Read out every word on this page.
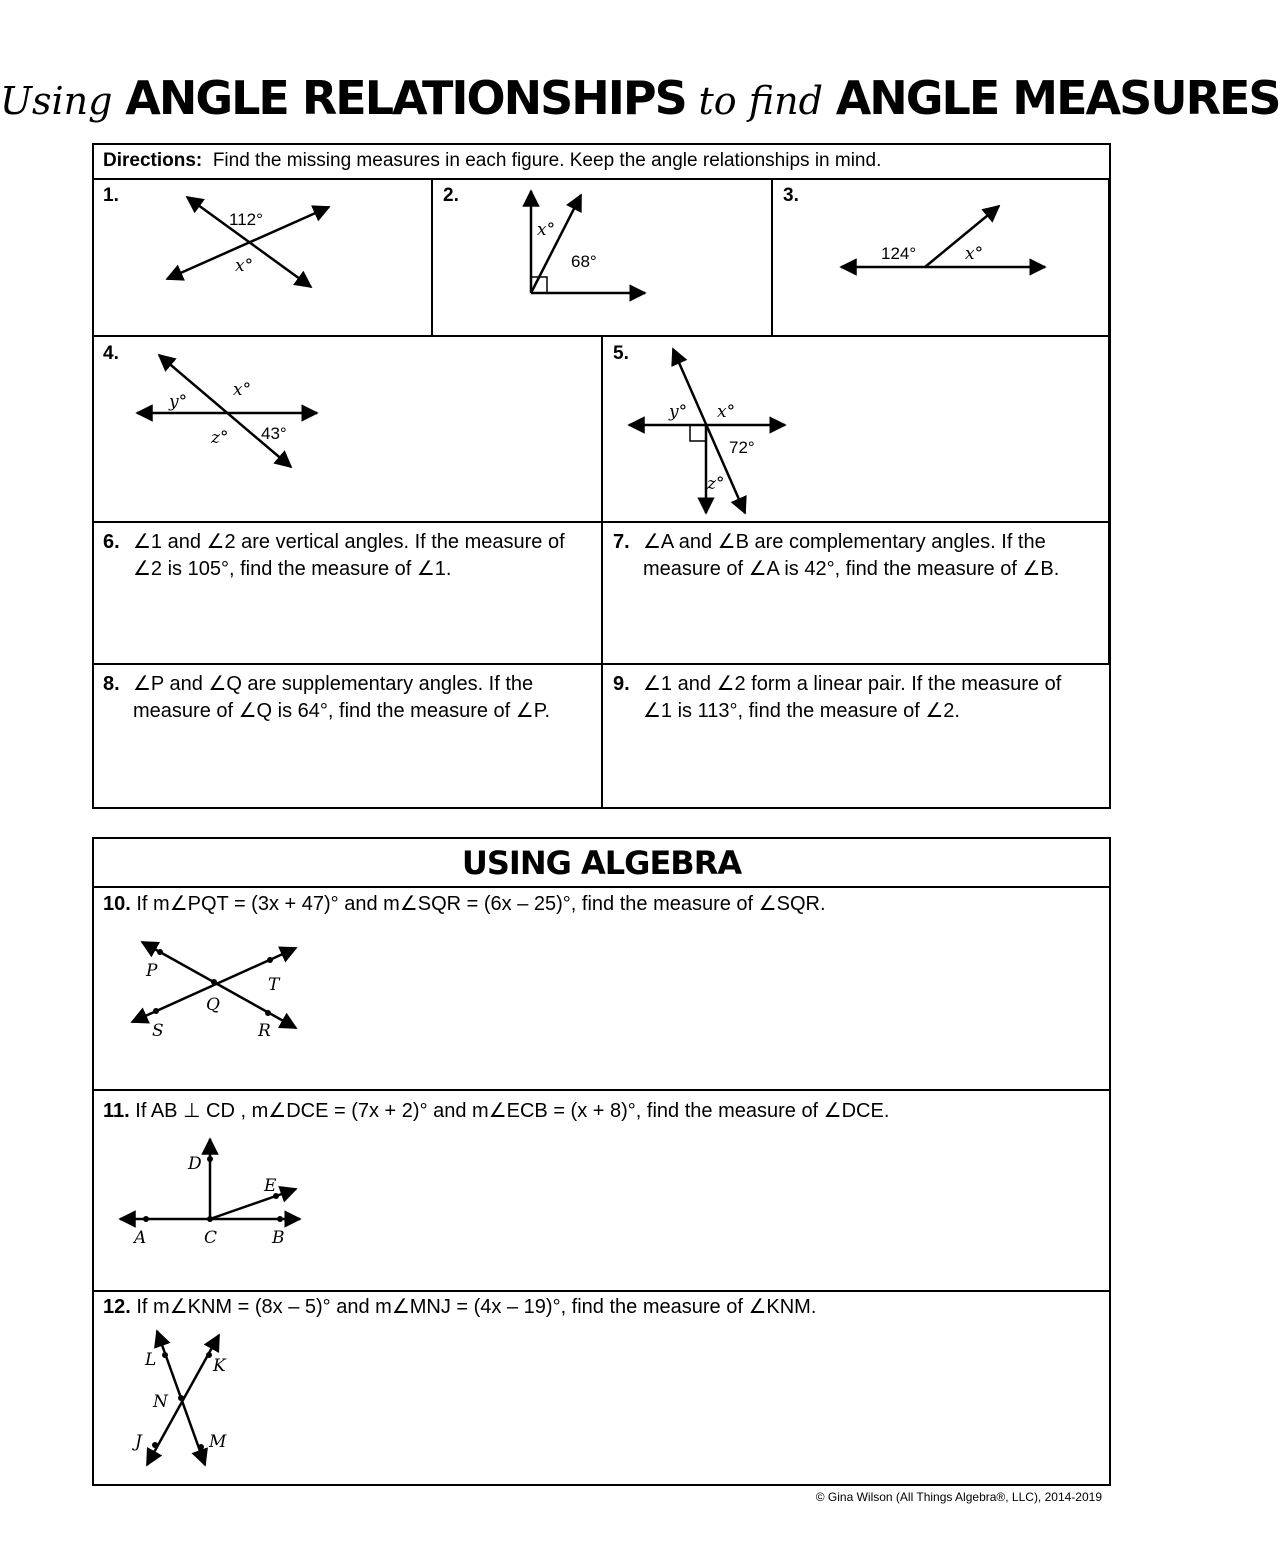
Using ANGLE RELATIONSHIPS to find ANGLE MEASURES
Directions: Find the missing measures in each figure. Keep the angle relationships in mind.
1.
112°
x°
2.
x°
68°
3.
124°	x°
4.
y°
x°
z° 43°
5.
y° x°
72°
z°
6. ∠1 and ∠2 are vertical angles. If the measure of ∠2 is 105°, find the measure of ∠1.
7. ∠A and ∠B are complementary angles. If the measure of ∠A is 42°, find the measure of ∠B.
8. ∠P and ∠Q are supplementary angles. If the measure of ∠Q is 64°, find the measure of ∠P.
9. ∠1 and ∠2 form a linear pair. If the measure of ∠1 is 113°, find the measure of ∠2.
USING ALGEBRA
10. If m∠PQT = (3x + 47)° and m∠SQR = (6x – 25)°, find the measure of ∠SQR.
P
T
Q
S	R
11. If AB ⊥ CD , m∠DCE = (7x + 2)° and m∠ECB = (x + 8)°, find the measure of ∠DCE.
D
E
A	C	B
12. If m∠KNM = (8x – 5)° and m∠MNJ = (4x – 19)°, find the measure of ∠KNM.
L	K
N
J	M
© Gina Wilson (All Things Algebra®, LLC), 2014-2019
